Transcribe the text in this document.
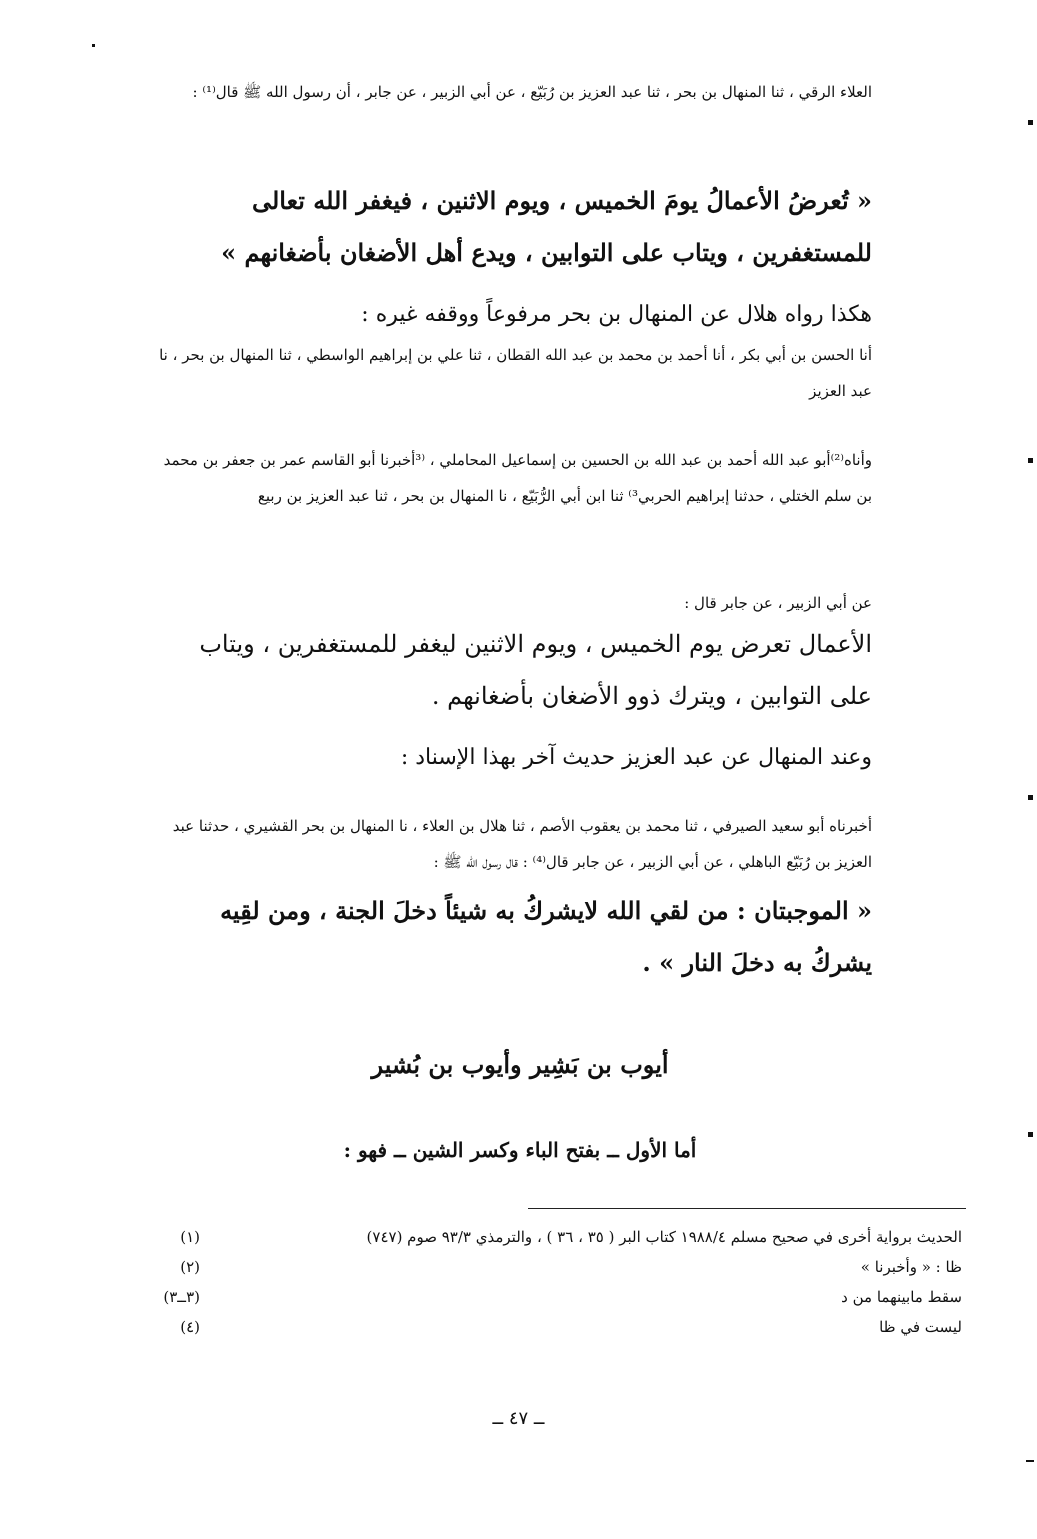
العلاء الرقي ، ثنا المنهال بن بحر ، ثنا عبد العزيز بن رُبَيّع ، عن أبي الزبير ، عن جابر ، أن رسول الله ﷺ قال⁽¹⁾ :
« تُعرضُ الأعمالُ يومَ الخميس ، ويوم الاثنين ، فيغفر الله تعالى للمستغفرين ، ويتاب على التوابين ، ويدع أهل الأضغان بأضغانهم »
هكذا رواه هلال عن المنهال بن بحر مرفوعاً ووقفه غيره :
أنا الحسن بن أبي بكر ، أنا أحمد بن محمد بن عبد الله القطان ، ثنا علي بن إبراهيم الواسطي ، ثنا المنهال بن بحر ، نا عبد العزيز
وأناه⁽²⁾أبو عبد الله أحمد بن عبد الله بن الحسين بن إسماعيل المحاملي ، ⁽³أخبرنا أبو القاسم عمر بن جعفر بن محمد بن سلم الختلي ، حدثنا إبراهيم الحربي³⁾ ثنا ابن أبي الرُّبَيّع ، نا المنهال بن بحر ، ثنا عبد العزيز بن ربيع
عن أبي الزبير ، عن جابر قال :
الأعمال تعرض يوم الخميس ، ويوم الاثنين ليغفر للمستغفرين ، ويتاب على التوابين ، ويترك ذوو الأضغان بأضغانهم .
وعند المنهال عن عبد العزيز حديث آخر بهذا الإسناد :
أخبرناه أبو سعيد الصيرفي ، ثنا محمد بن يعقوب الأصم ، ثنا هلال بن العلاء ، نا المنهال بن بحر القشيري ، حدثنا عبد العزيز بن رُبَيّع الباهلي ، عن أبي الزبير ، عن جابر قال⁽⁴⁾ : قال رسول الله ﷺ :
« الموجبتان : من لقي الله لايشركُ به شيئاً دخلَ الجنة ، ومن لقِيه يشركُ به دخلَ النار » .
أيوب بن بَشِير وأيوب بن بُشير
أما الأول ــ بفتح الباء وكسر الشين ــ فهو :
(١)	الحديث برواية أخرى في صحيح مسلم ١٩٨٨/٤ كتاب البر ( ٣٥ ، ٣٦ ) ، والترمذي ٩٣/٣ صوم (٧٤٧)
(٢)	ظا : « وأخبرنا »
(٣ــ٣)	سقط مابينهما من د
(٤)	ليست في ظا
ــ ٤٧ ــ
